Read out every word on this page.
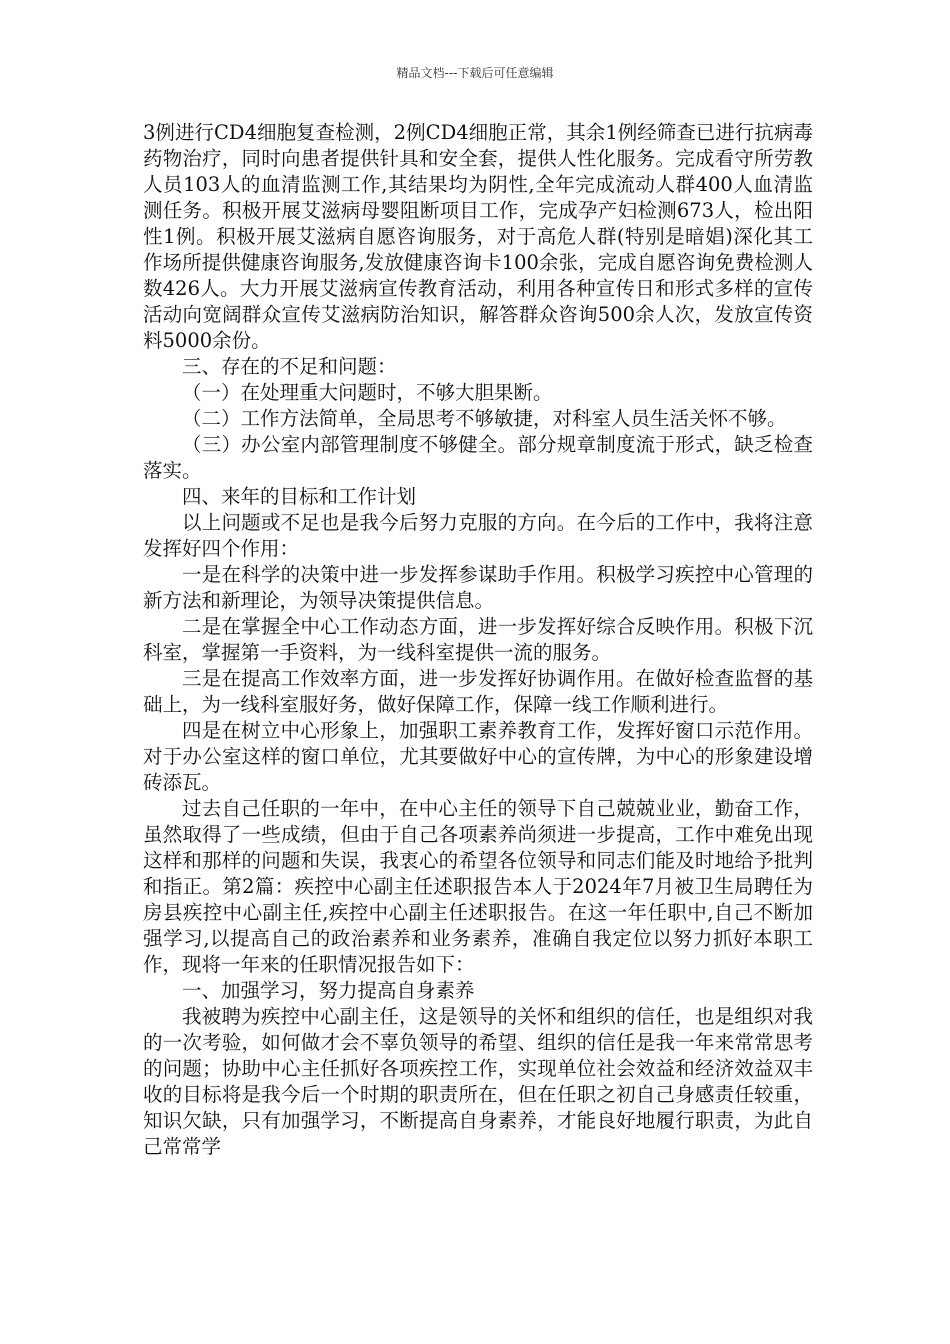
精品文档---下载后可任意编辑

3例进行CD4细胞复查检测，2例CD4细胞正常，其余1例经筛查已进行抗病毒药物治疗，同时向患者提供针具和安全套，提供人性化服务。完成看守所劳教人员103人的血清监测工作,其结果均为阴性,全年完成流动人群400人血清监测任务。积极开展艾滋病母婴阻断项目工作，完成孕产妇检测673人，检出阳性1例。积极开展艾滋病自愿咨询服务，对于高危人群(特别是暗娼)深化其工作场所提供健康咨询服务,发放健康咨询卡100余张，完成自愿咨询免费检测人数426人。大力开展艾滋病宣传教育活动，利用各种宣传日和形式多样的宣传活动向宽阔群众宣传艾滋病防治知识，解答群众咨询500余人次，发放宣传资料5000余份。

三、存在的不足和问题：

（一）在处理重大问题时，不够大胆果断。

（二）工作方法简单，全局思考不够敏捷，对科室人员生活关怀不够。

（三）办公室内部管理制度不够健全。部分规章制度流于形式，缺乏检查落实。

四、来年的目标和工作计划

以上问题或不足也是我今后努力克服的方向。在今后的工作中，我将注意发挥好四个作用：

一是在科学的决策中进一步发挥参谋助手作用。积极学习疾控中心管理的新方法和新理论，为领导决策提供信息。

二是在掌握全中心工作动态方面，进一步发挥好综合反映作用。积极下沉科室，掌握第一手资料，为一线科室提供一流的服务。

三是在提高工作效率方面，进一步发挥好协调作用。在做好检查监督的基础上，为一线科室服好务，做好保障工作，保障一线工作顺利进行。

四是在树立中心形象上，加强职工素养教育工作，发挥好窗口示范作用。对于办公室这样的窗口单位，尤其要做好中心的宣传牌，为中心的形象建设增砖添瓦。

过去自己任职的一年中，在中心主任的领导下自己兢兢业业，勤奋工作，虽然取得了一些成绩，但由于自己各项素养尚须进一步提高，工作中难免出现这样和那样的问题和失误，我衷心的希望各位领导和同志们能及时地给予批判和指正。第2篇：疾控中心副主任述职报告本人于2024年7月被卫生局聘任为房县疾控中心副主任,疾控中心副主任述职报告。在这一年任职中,自己不断加强学习,以提高自己的政治素养和业务素养，准确自我定位以努力抓好本职工作，现将一年来的任职情况报告如下：

一、加强学习，努力提高自身素养

我被聘为疾控中心副主任，这是领导的关怀和组织的信任，也是组织对我的一次考验，如何做才会不辜负领导的希望、组织的信任是我一年来常常思考的问题；协助中心主任抓好各项疾控工作，实现单位社会效益和经济效益双丰收的目标将是我今后一个时期的职责所在，但在任职之初自己身感责任较重，知识欠缺，只有加强学习，不断提高自身素养，才能良好地履行职责，为此自己常常学
